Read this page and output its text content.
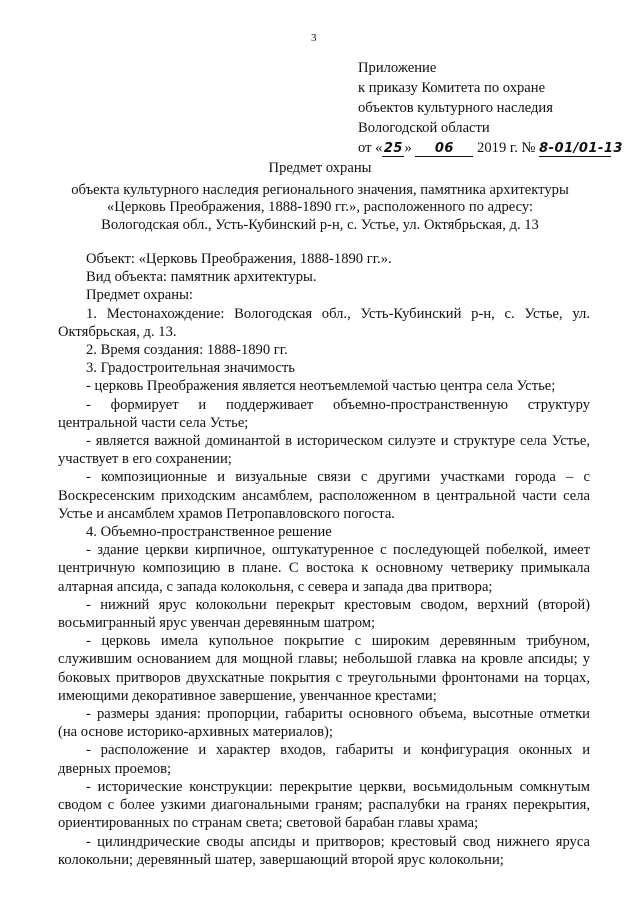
3
Приложение
к приказу Комитета по охране
объектов культурного наследия
Вологодской области
от «25» 06 2019 г. № 8-01/01-13
Предмет охраны
объекта культурного наследия регионального значения, памятника архитектуры
«Церковь Преображения, 1888-1890 гг.», расположенного по адресу:
Вологодская обл., Усть-Кубинский р-н, с. Устье, ул. Октябрьская, д. 13

Объект: «Церковь Преображения, 1888-1890 гг.».

Вид объекта: памятник архитектуры.

Предмет охраны:

1. Местонахождение: Вологодская обл., Усть-Кубинский р-н, с. Устье, ул. Октябрьская, д. 13.

2. Время создания: 1888-1890 гг.

3. Градостроительная значимость

- церковь Преображения является неотъемлемой частью центра села Устье;

- формирует и поддерживает объемно-пространственную структуру центральной части села Устье;

- является важной доминантой в историческом силуэте и структуре села Устье, участвует в его сохранении;

- композиционные и визуальные связи с другими участками города – с Воскресенским приходским ансамблем, расположенном в центральной части села Устье и ансамблем храмов Петропавловского погоста.

4. Объемно-пространственное решение

- здание церкви кирпичное, оштукатуренное с последующей побелкой, имеет центричную композицию в плане. С востока к основному четверику примыкала алтарная апсида, с запада колокольня, с севера и запада два притвора;

- нижний ярус колокольни перекрыт крестовым сводом, верхний (второй) восьмигранный ярус увенчан деревянным шатром;

- церковь имела купольное покрытие с широким деревянным трибуном, служившим основанием для мощной главы; небольшой главка на кровле апсиды; у боковых притворов двухскатные покрытия с треугольными фронтонами на торцах, имеющими декоративное завершение, увенчанное крестами;

- размеры здания: пропорции, габариты основного объема, высотные отметки (на основе историко-архивных материалов);

- расположение и характер входов, габариты и конфигурация оконных и дверных проемов;

- исторические конструкции: перекрытие церкви, восьмидольным сомкнутым сводом с более узкими диагональными граням; распалубки на гранях перекрытия, ориентированных по странам света; световой барабан главы храма;

- цилиндрические своды апсиды и притворов; крестовый свод нижнего яруса колокольни; деревянный шатер, завершающий второй ярус колокольни;
